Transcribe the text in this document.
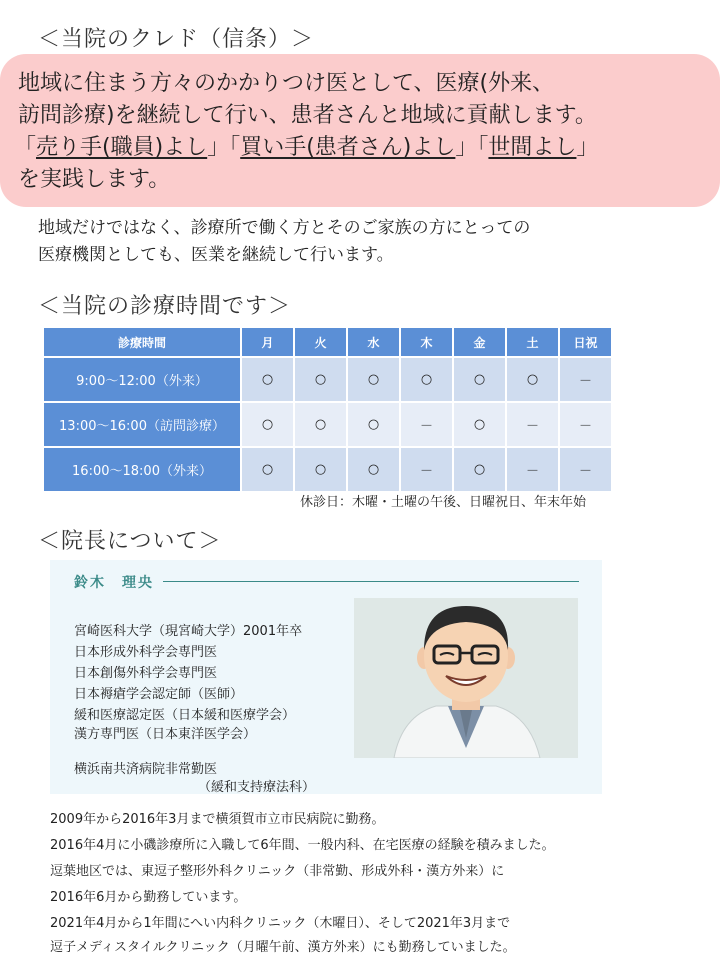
＜当院のクレド（信条）＞
地域に住まう方々のかかりつけ医として、医療(外来、
訪問診療)を継続して行い、患者さんと地域に貢献します。
「売り手(職員)よし」「買い手(患者さん)よし」「世間よし」
を実践します。
地域だけではなく、診療所で働く方とそのご家族の方にとっての
医療機関としても、医業を継続して行います。
＜当院の診療時間です＞
診療時間	月	火	水	木	金	土	日祝
9:00～12:00（外来）	○	○	○	○	○	○	－
13:00～16:00（訪問診療）	○	○	○	－	○	－	－
16:00～18:00（外来）	○	○	○	－	○	－	－
休診日：木曜・土曜の午後、日曜祝日、年末年始
＜院長について＞
鈴木　理央
宮崎医科大学（現宮崎大学）2001年卒
日本形成外科学会専門医
日本創傷外科学会専門医
日本褥瘡学会認定師（医師）
緩和医療認定医（日本緩和医療学会）
漢方専門医（日本東洋医学会）
横浜南共済病院非常勤医
（緩和支持療法科）
2009年から2016年3月まで横須賀市立市民病院に勤務。
2016年4月に小磯診療所に入職して6年間、一般内科、在宅医療の経験を積みました。
逗葉地区では、東逗子整形外科クリニック（非常勤、形成外科・漢方外来）に
2016年6月から勤務しています。
2021年4月から1年間にへい内科クリニック（木曜日）、そして2021年3月まで
逗子メディスタイルクリニック（月曜午前、漢方外来）にも勤務していました。
